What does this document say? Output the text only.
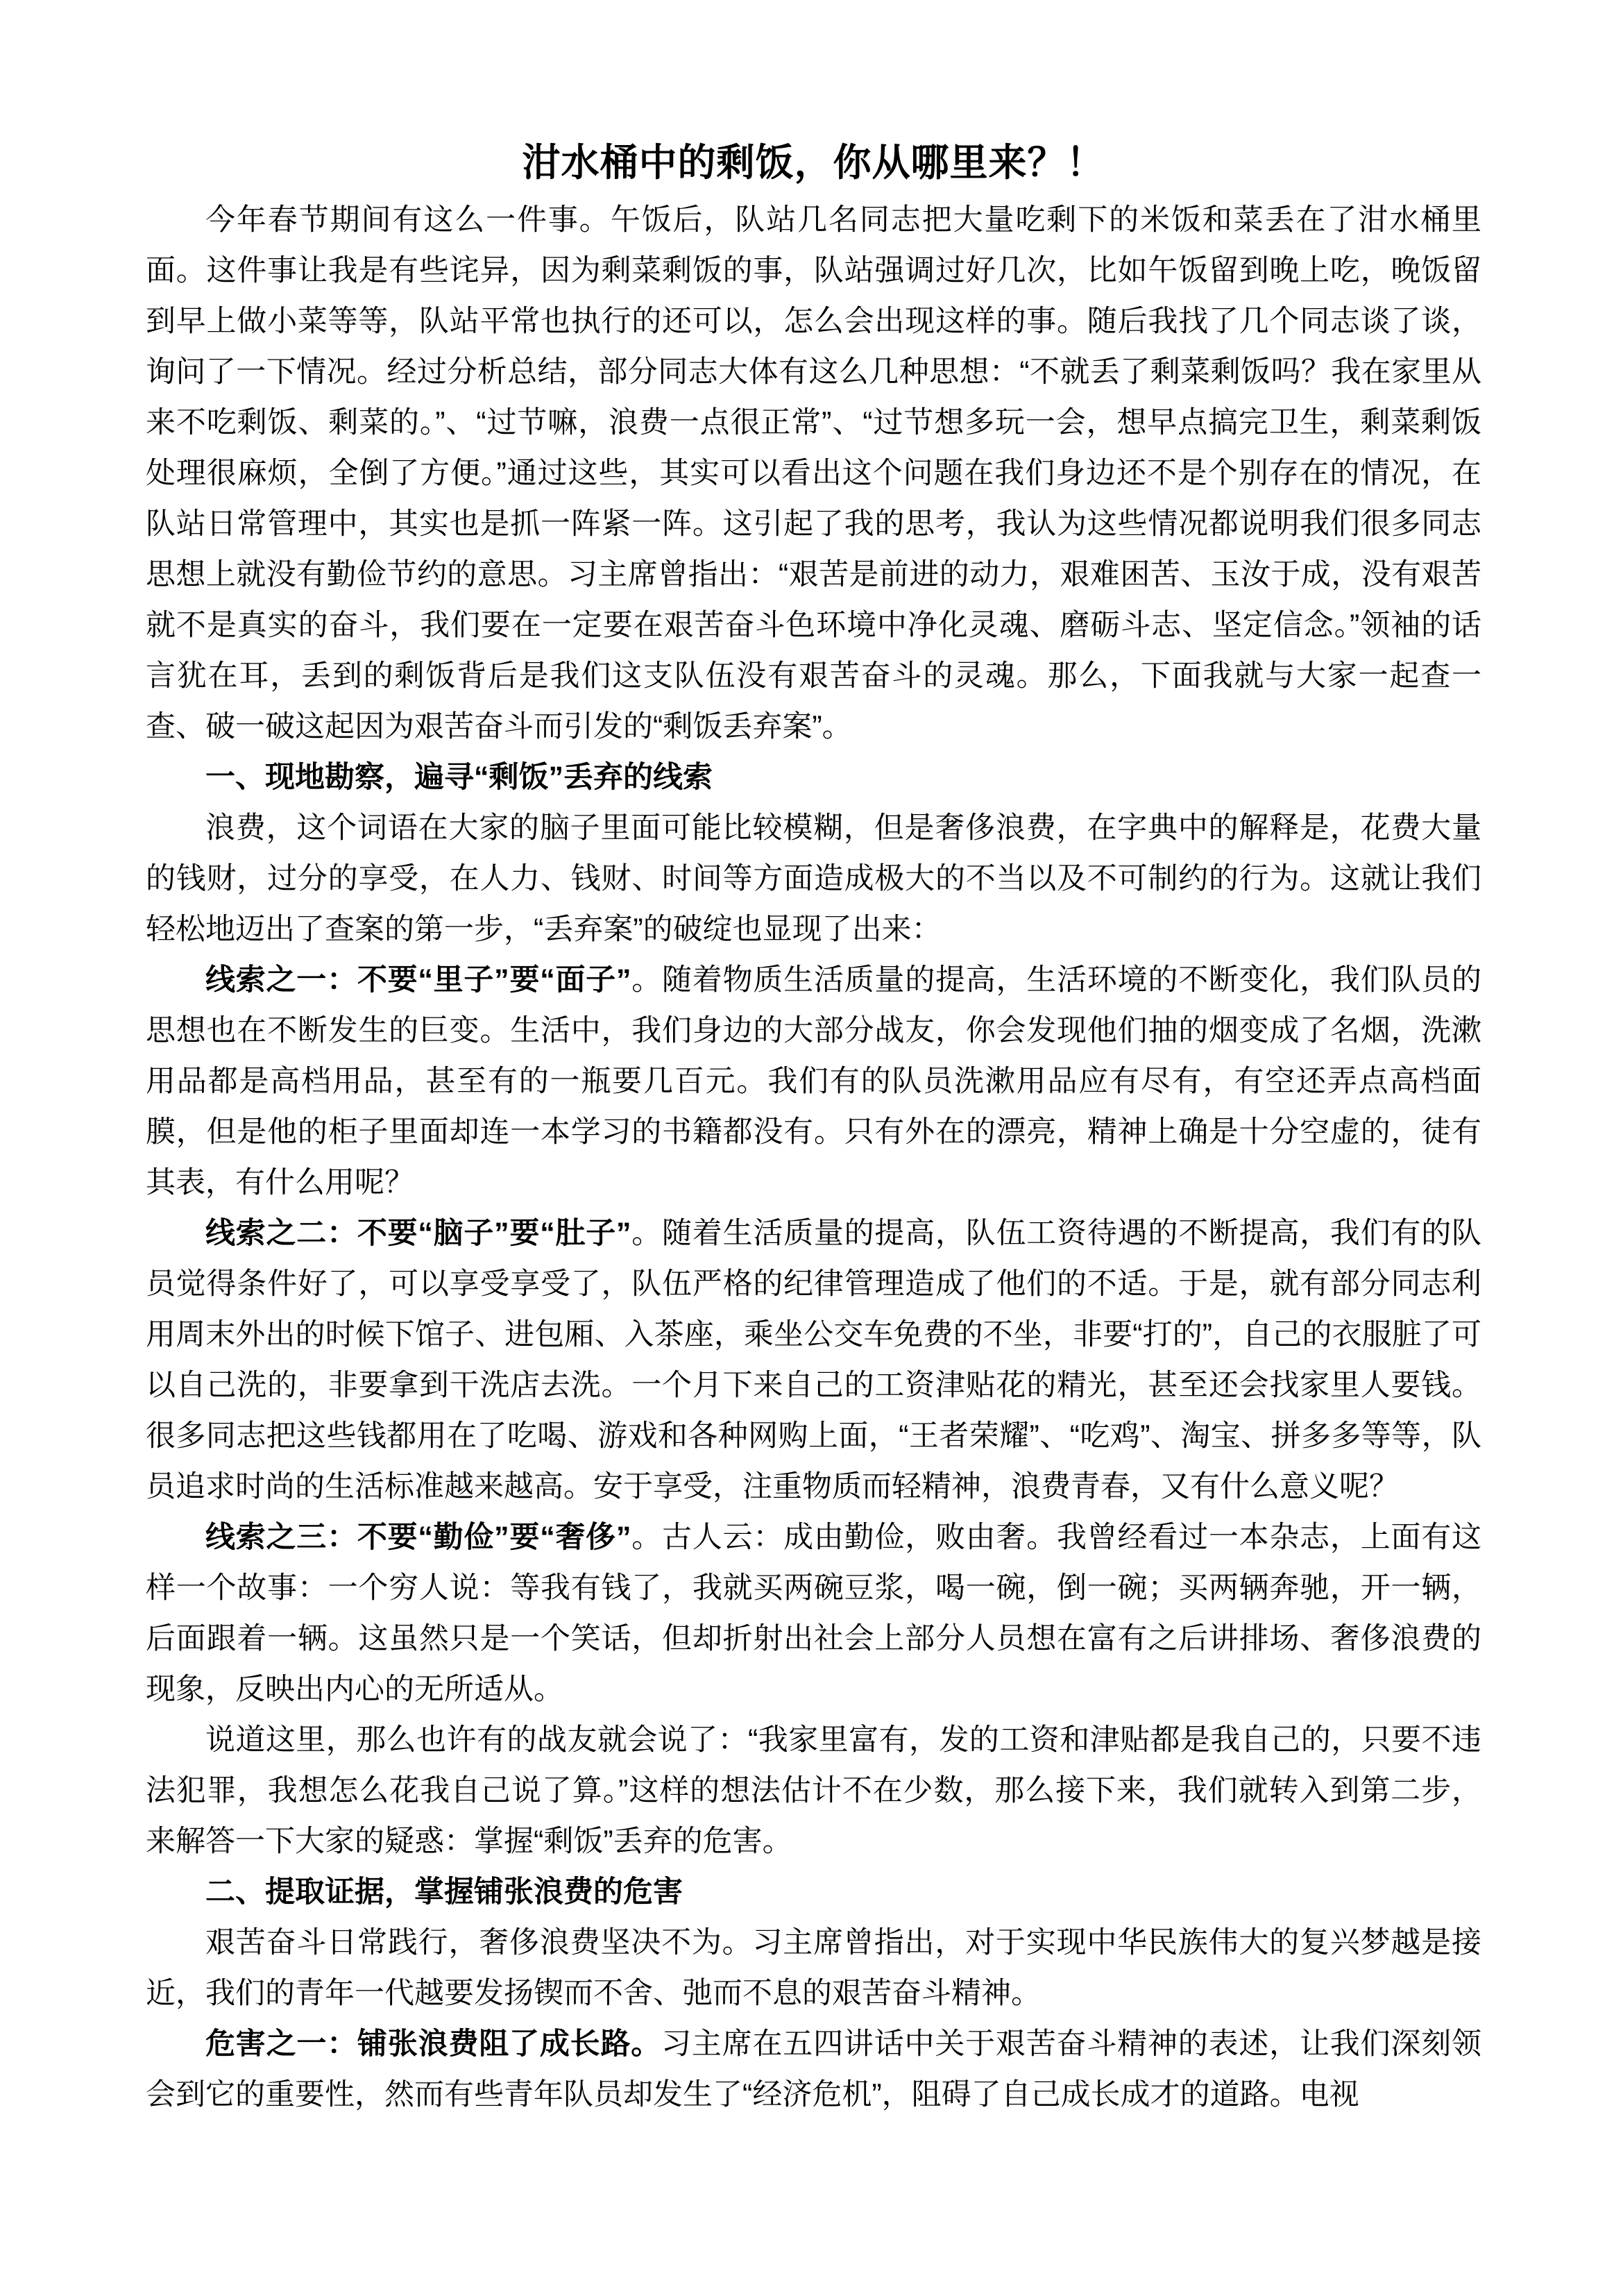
泔水桶中的剩饭，你从哪里来？！

今年春节期间有这么一件事。午饭后，队站几名同志把大量吃剩下的米饭和菜丢在了泔水桶里面。这件事让我是有些诧异，因为剩菜剩饭的事，队站强调过好几次，比如午饭留到晚上吃，晚饭留到早上做小菜等等，队站平常也执行的还可以，怎么会出现这样的事。随后我找了几个同志谈了谈，询问了一下情况。经过分析总结，部分同志大体有这么几种思想：“不就丢了剩菜剩饭吗？我在家里从来不吃剩饭、剩菜的。”、“过节嘛，浪费一点很正常”、“过节想多玩一会，想早点搞完卫生，剩菜剩饭处理很麻烦，全倒了方便。”通过这些，其实可以看出这个问题在我们身边还不是个别存在的情况，在队站日常管理中，其实也是抓一阵紧一阵。这引起了我的思考，我认为这些情况都说明我们很多同志思想上就没有勤俭节约的意思。习主席曾指出：“艰苦是前进的动力，艰难困苦、玉汝于成，没有艰苦就不是真实的奋斗，我们要在一定要在艰苦奋斗色环境中净化灵魂、磨砺斗志、坚定信念。”领袖的话言犹在耳，丢到的剩饭背后是我们这支队伍没有艰苦奋斗的灵魂。那么，下面我就与大家一起查一查、破一破这起因为艰苦奋斗而引发的“剩饭丢弃案”。

一、现地勘察，遍寻“剩饭”丢弃的线索

浪费，这个词语在大家的脑子里面可能比较模糊，但是奢侈浪费，在字典中的解释是，花费大量的钱财，过分的享受，在人力、钱财、时间等方面造成极大的不当以及不可制约的行为。这就让我们轻松地迈出了查案的第一步，“丢弃案”的破绽也显现了出来：

线索之一：不要“里子”要“面子”。随着物质生活质量的提高，生活环境的不断变化，我们队员的思想也在不断发生的巨变。生活中，我们身边的大部分战友，你会发现他们抽的烟变成了名烟，洗漱用品都是高档用品，甚至有的一瓶要几百元。我们有的队员洗漱用品应有尽有，有空还弄点高档面膜，但是他的柜子里面却连一本学习的书籍都没有。只有外在的漂亮，精神上确是十分空虚的，徒有其表，有什么用呢？

线索之二：不要“脑子”要“肚子”。随着生活质量的提高，队伍工资待遇的不断提高，我们有的队员觉得条件好了，可以享受享受了，队伍严格的纪律管理造成了他们的不适。于是，就有部分同志利用周末外出的时候下馆子、进包厢、入茶座，乘坐公交车免费的不坐，非要“打的”，自己的衣服脏了可以自己洗的，非要拿到干洗店去洗。一个月下来自己的工资津贴花的精光，甚至还会找家里人要钱。很多同志把这些钱都用在了吃喝、游戏和各种网购上面，“王者荣耀”、“吃鸡”、淘宝、拼多多等等，队员追求时尚的生活标准越来越高。安于享受，注重物质而轻精神，浪费青春，又有什么意义呢？

线索之三：不要“勤俭”要“奢侈”。古人云：成由勤俭，败由奢。我曾经看过一本杂志，上面有这样一个故事：一个穷人说：等我有钱了，我就买两碗豆浆，喝一碗，倒一碗；买两辆奔驰，开一辆，后面跟着一辆。这虽然只是一个笑话，但却折射出社会上部分人员想在富有之后讲排场、奢侈浪费的现象，反映出内心的无所适从。

说道这里，那么也许有的战友就会说了：“我家里富有，发的工资和津贴都是我自己的，只要不违法犯罪，我想怎么花我自己说了算。”这样的想法估计不在少数，那么接下来，我们就转入到第二步，来解答一下大家的疑惑：掌握“剩饭”丢弃的危害。

二、提取证据，掌握铺张浪费的危害

艰苦奋斗日常践行，奢侈浪费坚决不为。习主席曾指出，对于实现中华民族伟大的复兴梦越是接近，我们的青年一代越要发扬锲而不舍、弛而不息的艰苦奋斗精神。

危害之一：铺张浪费阻了成长路。习主席在五四讲话中关于艰苦奋斗精神的表述，让我们深刻领会到它的重要性，然而有些青年队员却发生了“经济危机”，阻碍了自己成长成才的道路。电视
